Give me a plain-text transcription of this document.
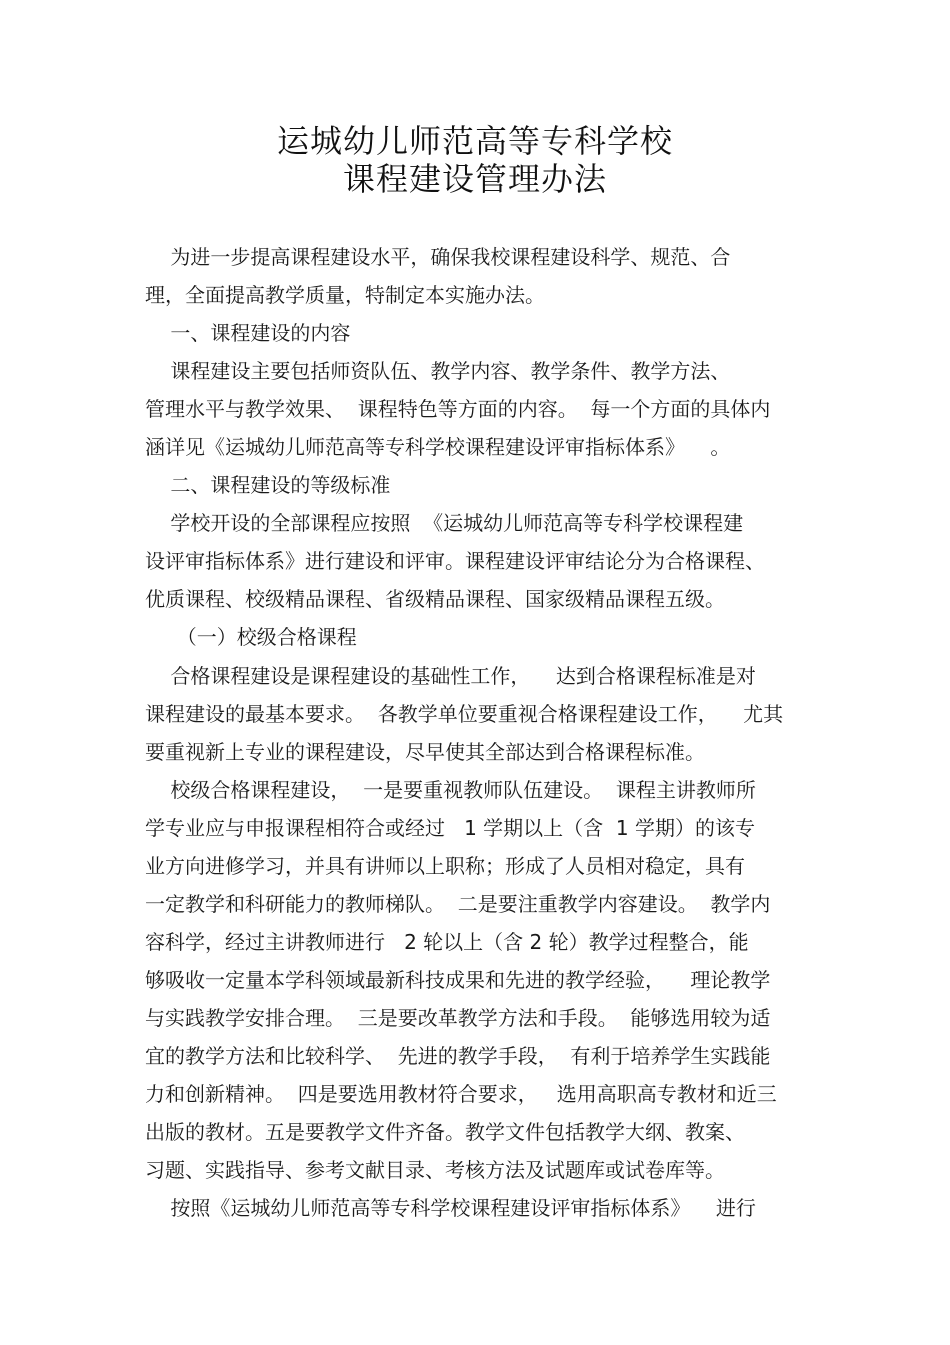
运城幼儿师范高等专科学校
课程建设管理办法
为进一步提高课程建设水平，确保我校课程建设科学、规范、合
理，全面提高教学质量，特制定本实施办法。
一、课程建设的内容
课程建设主要包括师资队伍、教学内容、教学条件、教学方法、
管理水平与教学效果、  课程特色等方面的内容。  每一个方面的具体内
涵详见《运城幼儿师范高等专科学校课程建设评审指标体系》    。
二、课程建设的等级标准
学校开设的全部课程应按照  《运城幼儿师范高等专科学校课程建
设评审指标体系》进行建设和评审。课程建设评审结论分为合格课程、
优质课程、校级精品课程、省级精品课程、国家级精品课程五级。
（一）校级合格课程
合格课程建设是课程建设的基础性工作，    达到合格课程标准是对
课程建设的最基本要求。  各教学单位要重视合格课程建设工作，    尤其
要重视新上专业的课程建设，尽早使其全部达到合格课程标准。
校级合格课程建设，  一是要重视教师队伍建设。  课程主讲教师所
学专业应与申报课程相符合或经过   1 学期以上（含  1 学期）的该专
业方向进修学习，并具有讲师以上职称；形成了人员相对稳定，具有
一定教学和科研能力的教师梯队。  二是要注重教学内容建设。  教学内
容科学，经过主讲教师进行   2 轮以上（含 2 轮）教学过程整合，能
够吸收一定量本学科领域最新科技成果和先进的教学经验，    理论教学
与实践教学安排合理。  三是要改革教学方法和手段。  能够选用较为适
宜的教学方法和比较科学、  先进的教学手段，  有利于培养学生实践能
力和创新精神。  四是要选用教材符合要求，   选用高职高专教材和近三
出版的教材。五是要教学文件齐备。教学文件包括教学大纲、教案、
习题、实践指导、参考文献目录、考核方法及试题库或试卷库等。
按照《运城幼儿师范高等专科学校课程建设评审指标体系》    进行
